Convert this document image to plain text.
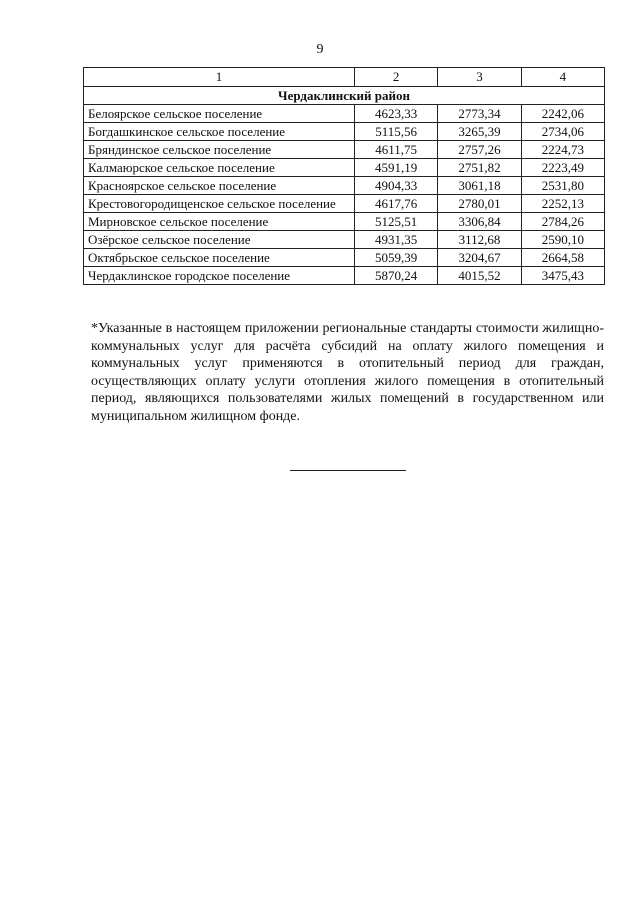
9
1	2	3	4
Чердаклинский район			
Белоярское сельское поселение	4623,33	2773,34	2242,06
Богдашкинское сельское поселение	5115,56	3265,39	2734,06
Бряндинское сельское поселение	4611,75	2757,26	2224,73
Калмаюрское сельское поселение	4591,19	2751,82	2223,49
Красноярское сельское поселение	4904,33	3061,18	2531,80
Крестовогородищенское сельское поселение	4617,76	2780,01	2252,13
Мирновское сельское поселение	5125,51	3306,84	2784,26
Озёрское сельское поселение	4931,35	3112,68	2590,10
Октябрьское сельское поселение	5059,39	3204,67	2664,58
Чердаклинское городское поселение	5870,24	4015,52	3475,43
*Указанные в настоящем приложении региональные стандарты стоимости жилищно-коммунальных услуг для расчёта субсидий на оплату жилого помещения и коммунальных услуг применяются в отопительный период для граждан, осуществляющих оплату услуги отопления жилого помещения в отопительный период, являющихся пользователями жилых помещений в государственном или муниципальном жилищном фонде.
